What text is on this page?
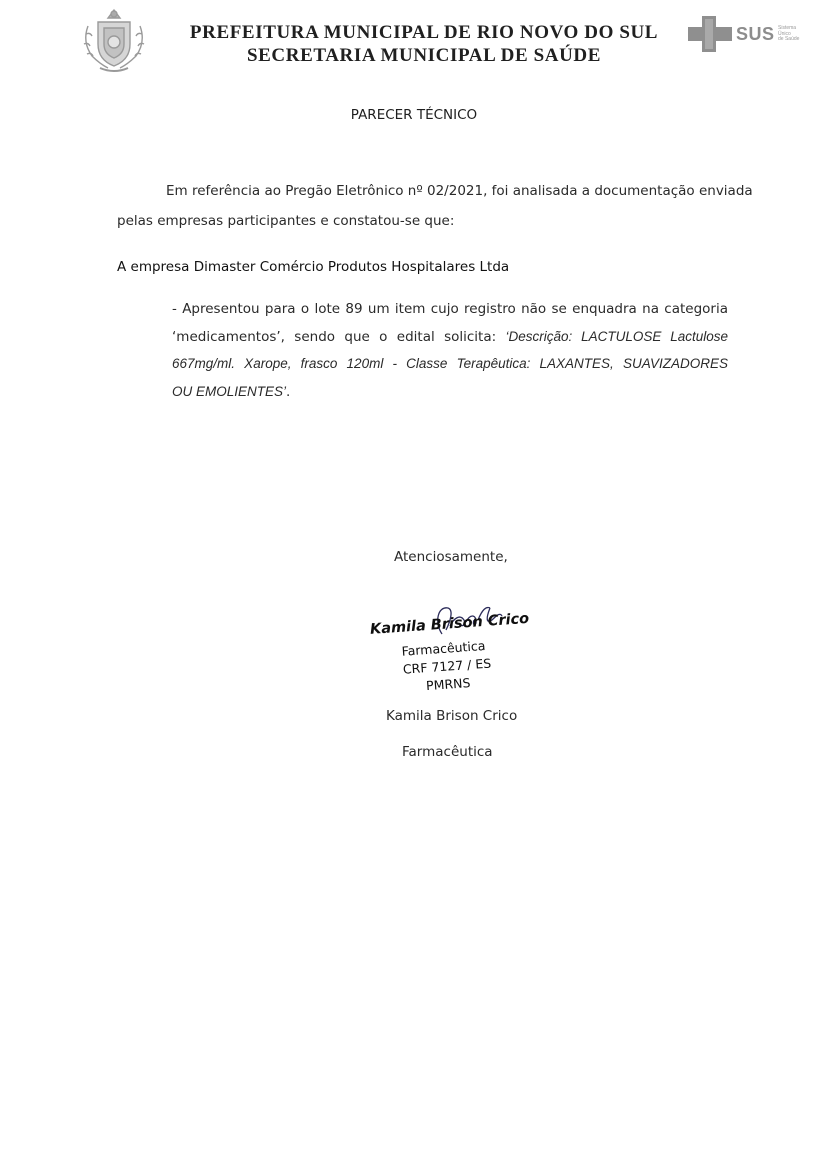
PREFEITURA MUNICIPAL DE RIO NOVO DO SUL
SECRETARIA MUNICIPAL DE SAÚDE
SUS Sistema
Único
de Saúde
PARECER TÉCNICO
Em referência ao Pregão Eletrônico nº 02/2021, foi analisada a documentação enviada
pelas empresas participantes e constatou-se que:
A empresa Dimaster Comércio Produtos Hospitalares Ltda
- Apresentou para o lote 89 um item cujo registro não se enquadra na categoria
‘medicamentos’, sendo que o edital solicita: ‘Descrição: LACTULOSE Lactulose
667mg/ml. Xarope, frasco 120ml - Classe Terapêutica: LAXANTES, SUAVIZADORES
OU EMOLIENTES’.
Atenciosamente,
Kamila Brison Crico
Farmacêutica
CRF 7127 / ES
PMRNS
Kamila Brison Crico
Farmacêutica
